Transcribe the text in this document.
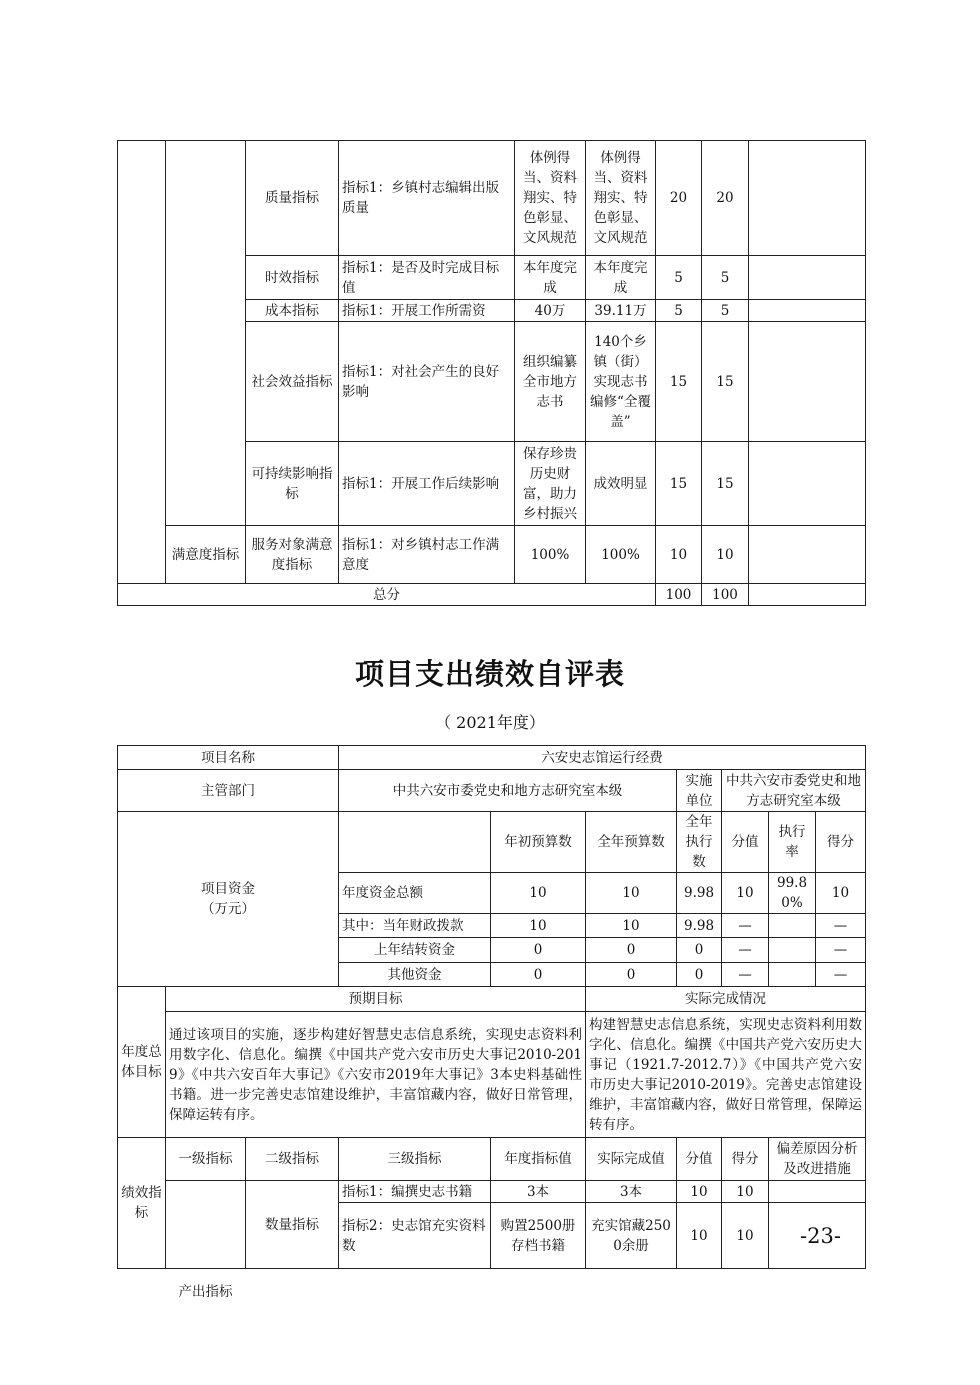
		质量指标	指标1：乡镇村志编辑出版质量	体例得当、资料翔实、特色彰显、文风规范	体例得当、资料翔实、特色彰显、文风规范	20	20	
		时效指标	指标1：是否及时完成目标值	本年度完成	本年度完成	5	5	
		成本指标	指标1：开展工作所需资	40万	39.11万	5	5	
		社会效益指标	指标1：对社会产生的良好影响	组织编纂全市地方志书	140个乡镇（街）实现志书编修“全覆盖”	15	15	
		可持续影响指标	指标1：开展工作后续影响	保存珍贵历史财富，助力乡村振兴	成效明显	15	15	
	满意度指标	服务对象满意度指标	指标1：对乡镇村志工作满意度	100%	100%	10	10	
总分						100	100	
项目支出绩效自评表
（ 2021年度）
项目名称			六安史志馆运行经费						
主管部门			中共六安市委党史和地方志研究室本级			实施单位	中共六安市委党史和地方志研究室本级		
项目资金
（万元）				年初预算数	全年预算数	全年执行数	分值	执行率	得分
			年度资金总额	10	10	9.98	10	99.80%	10
			其中：当年财政拨款	10	10	9.98	—		—
			上年结转资金	0	0	0	—		—
			其他资金	0	0	0	—		—
年度总体目标	预期目标				实际完成情况				
	通过该项目的实施，逐步构建好智慧史志信息系统，实现史志资料利用数字化、信息化。编撰《中国共产党六安市历史大事记2010-2019》《中共六安百年大事记》《六安市2019年大事记》3本史料基础性书籍。进一步完善史志馆建设维护，丰富馆藏内容，做好日常管理，保障运转有序。				构建智慧史志信息系统，实现史志资料利用数字化、信息化。编撰《中国共产党六安历史大事记（1921.7-2012.7）》《中国共产党六安市历史大事记2010-2019》。完善史志馆建设维护，丰富馆藏内容，做好日常管理，保障运转有序。				
绩效指标	一级指标	二级指标	三级指标	年度指标值	实际完成值	分值	得分	偏差原因分析及改进措施	

	产出指标	数量指标	指标1：编撰史志书籍	3本	3本	10	10		
			指标2：史志馆充实资料数	购置2500册存档书籍	充实馆藏2500余册	10	10		-23-
